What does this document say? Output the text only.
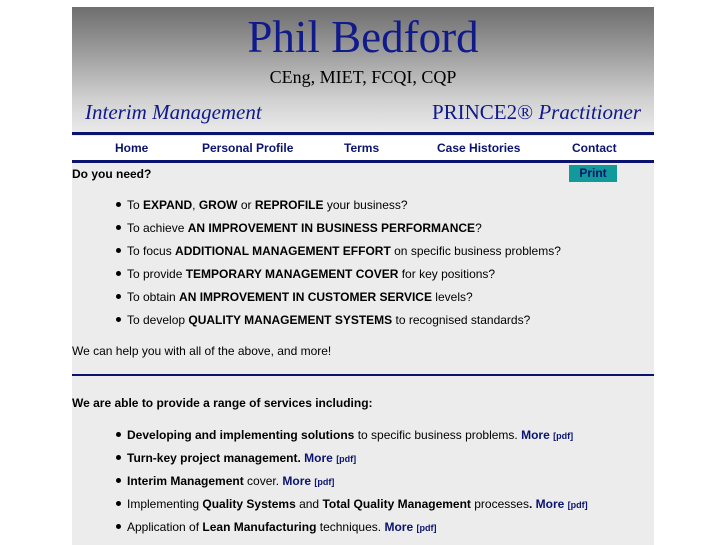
Phil Bedford
CEng, MIET, FCQI, CQP
Interim Management	PRINCE2® Practitioner
Home	Personal Profile	Terms	Case Histories	Contact
Print
Do you need?
To EXPAND, GROW or REPROFILE your business?
To achieve AN IMPROVEMENT IN BUSINESS PERFORMANCE?
To focus ADDITIONAL MANAGEMENT EFFORT on specific business problems?
To provide TEMPORARY MANAGEMENT COVER for key positions?
To obtain AN IMPROVEMENT IN CUSTOMER SERVICE levels?
To develop QUALITY MANAGEMENT SYSTEMS to recognised standards?
We can help you with all of the above, and more!
We are able to provide a range of services including:
Developing and implementing solutions to specific business problems. More [pdf]
Turn-key project management. More [pdf]
Interim Management cover. More [pdf]
Implementing Quality Systems and Total Quality Management processes. More [pdf]
Application of Lean Manufacturing techniques. More [pdf]
